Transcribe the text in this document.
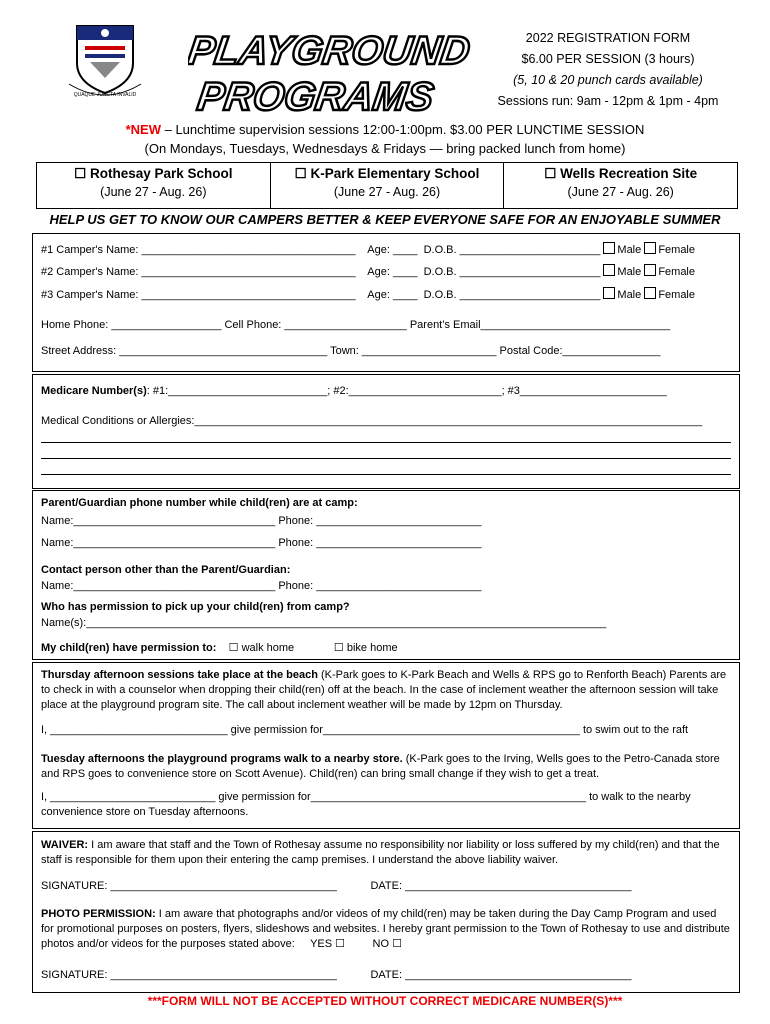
QUAQUE JUNCTA INVALID
PLAYGROUND
PROGRAMS
2022 REGISTRATION FORM
$6.00 PER SESSION (3 hours)
(5, 10 & 20 punch cards available)
Sessions run: 9am - 12pm & 1pm - 4pm
*NEW – Lunchtime supervision sessions 12:00-1:00pm. $3.00 PER LUNCTIME SESSION
(On Mondays, Tuesdays, Wednesdays & Fridays — bring packed lunch from home)
☐ Rothesay Park School
(June 27 - Aug. 26)
☐ K-Park Elementary School
(June 27 - Aug. 26)
☐ Wells Recreation Site
(June 27 - Aug. 26)
HELP US GET TO KNOW OUR CAMPERS BETTER & KEEP EVERYONE SAFE FOR AN ENJOYABLE SUMMER
#1 Camper's Name: ___________________________________ Age: ____ D.O.B. _______________________ Male Female
#2 Camper's Name: ___________________________________ Age: ____ D.O.B. _______________________ Male Female
#3 Camper's Name: ___________________________________ Age: ____ D.O.B. _______________________ Male Female
Home Phone: __________________ Cell Phone: ____________________ Parent’s Email_______________________________
Street Address: __________________________________ Town: ______________________ Postal Code:________________
Medicare Number(s): #1:__________________________; #2:_________________________; #3________________________
Medical Conditions or Allergies:___________________________________________________________________________________
Parent/Guardian phone number while child(ren) are at camp:
Name:_________________________________ Phone: ___________________________
Name:_________________________________ Phone: ___________________________
Contact person other than the Parent/Guardian:
Name:_________________________________ Phone: ___________________________
Who has permission to pick up your child(ren) from camp?
Name(s):_____________________________________________________________________________________
My child(ren) have permission to: ☐ walk home	☐ bike home
Thursday afternoon sessions take place at the beach (K-Park goes to K-Park Beach and Wells & RPS go to Renforth Beach) Parents are to check in with a counselor when dropping their child(ren) off at the beach. In the case of inclement weather the afternoon session will take place at the playground program site. The call about inclement weather will be made by 12pm on Thursday.
I, _____________________________ give permission for__________________________________________ to swim out to the raft
Tuesday afternoons the playground programs walk to a nearby store. (K-Park goes to the Irving, Wells goes to the Petro-Canada store and RPS goes to convenience store on Scott Avenue). Child(ren) can bring small change if they wish to get a treat.
I, ___________________________ give permission for_____________________________________________ to walk to the nearby
convenience store on Tuesday afternoons.
WAIVER: I am aware that staff and the Town of Rothesay assume no responsibility nor liability or loss suffered by my child(ren) and that the staff is responsible for them upon their entering the camp premises. I understand the above liability waiver.
SIGNATURE: _____________________________________	DATE: _____________________________________
PHOTO PERMISSION: I am aware that photographs and/or videos of my child(ren) may be taken during the Day Camp Program and used for promotional purposes on posters, flyers, slideshows and websites. I hereby grant permission to the Town of Rothesay to use and distribute photos and/or videos for the purposes stated above: YES ☐	NO ☐
SIGNATURE: _____________________________________	DATE: _____________________________________
***FORM WILL NOT BE ACCEPTED WITHOUT CORRECT MEDICARE NUMBER(S)***
